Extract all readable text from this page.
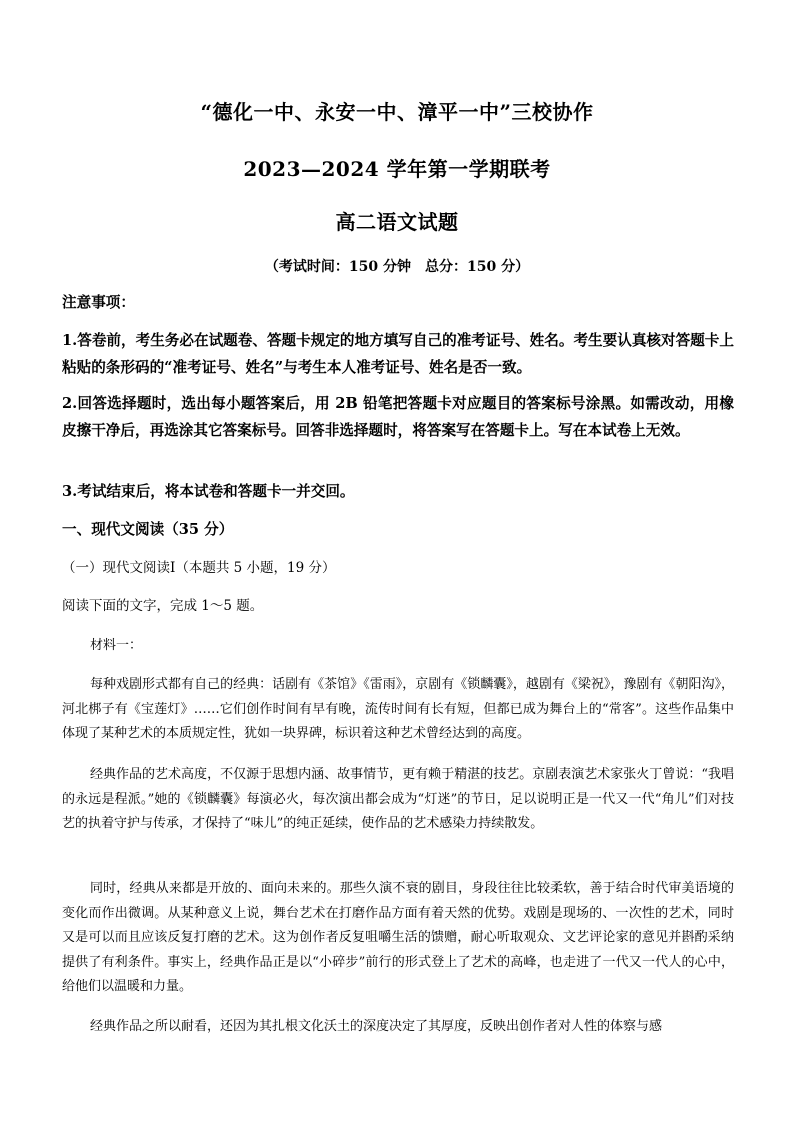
“德化一中、永安一中、漳平一中”三校协作
2023—2024 学年第一学期联考
高二语文试题
（考试时间：150 分钟　总分：150 分）
注意事项：
1.答卷前，考生务必在试题卷、答题卡规定的地方填写自己的准考证号、姓名。考生要认真核对答题卡上粘贴的条形码的“准考证号、姓名”与考生本人准考证号、姓名是否一致。
2.回答选择题时，选出每小题答案后，用 2B 铅笔把答题卡对应题目的答案标号涂黑。如需改动，用橡皮擦干净后，再选涂其它答案标号。回答非选择题时，将答案写在答题卡上。写在本试卷上无效。
3.考试结束后，将本试卷和答题卡一并交回。
一、现代文阅读（35 分）
（一）现代文阅读Ⅰ（本题共 5 小题，19 分）
阅读下面的文字，完成 1～5 题。
材料一：
每种戏剧形式都有自己的经典：话剧有《茶馆》《雷雨》，京剧有《锁麟囊》，越剧有《梁祝》，豫剧有《朝阳沟》，河北梆子有《宝莲灯》……它们创作时间有早有晚，流传时间有长有短，但都已成为舞台上的“常客”。这些作品集中体现了某种艺术的本质规定性，犹如一块界碑，标识着这种艺术曾经达到的高度。
经典作品的艺术高度，不仅源于思想内涵、故事情节，更有赖于精湛的技艺。京剧表演艺术家张火丁曾说：“我唱的永远是程派。”她的《锁麟囊》每演必火，每次演出都会成为“灯迷”的节日，足以说明正是一代又一代“角儿”们对技艺的执着守护与传承，才保持了“味儿”的纯正延续，使作品的艺术感染力持续散发。
同时，经典从来都是开放的、面向未来的。那些久演不衰的剧目，身段往往比较柔软，善于结合时代审美语境的变化而作出微调。从某种意义上说，舞台艺术在打磨作品方面有着天然的优势。戏剧是现场的、一次性的艺术，同时又是可以而且应该反复打磨的艺术。这为创作者反复咀嚼生活的馈赠，耐心听取观众、文艺评论家的意见并斟酌采纳提供了有利条件。事实上，经典作品正是以“小碎步”前行的形式登上了艺术的高峰，也走进了一代又一代人的心中，给他们以温暖和力量。
经典作品之所以耐看，还因为其扎根文化沃土的深度决定了其厚度，反映出创作者对人性的体察与感
